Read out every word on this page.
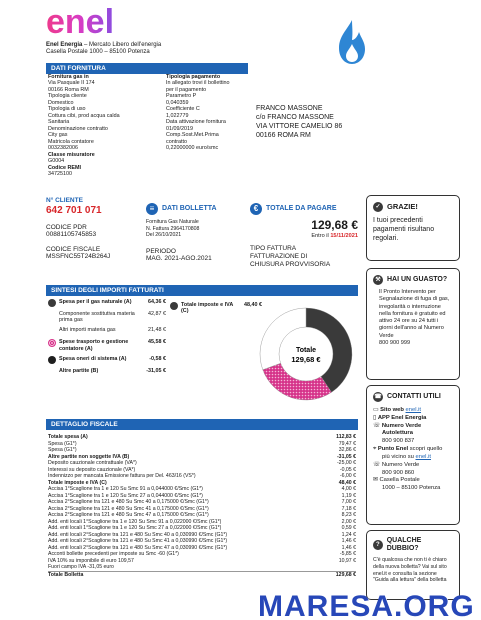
enel
Enel Energia – Mercato Libero dell'energia
Casella Postale 1000 – 85100 Potenza
DATI FORNITURA
Fornitura gas in
Via Pasquale II 174
00166 Roma RM
Tipologia cliente
Domestico
Tipologia di uso
Cottura cibi, prod acqua calda
Sanitaria
Denominazione contratto
City gas
Matricola contatore
0032382006
Classe misuratore
G0004
Codice REMI
34725100
Tipologia pagamento
In allegato trovi il bollettino
per il pagamento
Parametro P
0,040359
Coefficiente C
1,022779
Data attivazione fornitura
01/09/2019
Comp.Sost.Met.Prima
contratto
0,22000000 euro/smc
FRANCO MASSONE
c/o FRANCO MASSONE
VIA VITTORE CAMELIO 86
00166 ROMA RM
N° CLIENTE
642 701 071
CODICE PDR
00881105745853
CODICE FISCALE
MSSFNC55T24B264J
≡	DATI BOLLETTA
Fornitura Gas Naturale
N. Fattura 2964170808
Del 26/10/2021
PERIODO
MAG. 2021-AGO.2021
€	TOTALE DA PAGARE
129,68 €
Entro il 15/11/2021
TIPO FATTURA
FATTURAZIONE DI
CHIUSURA PROVVISORIA
SINTESI DEGLI IMPORTI FATTURATI
Spesa per il gas naturale (A)	64,36 €
Componente sostitutiva materia prima gas
42,87 €
Altri importi materia gas	21,48 €
Spese trasporto e gestione contatore (A)
45,58 €
Spesa oneri di sistema (A)	-0,58 €
Altre partite (B)	-31,05 €
Totale imposte e IVA (C)
48,40 €
Totale
129,68 €
DETTAGLIO FISCALE
Totale spesa (A)	112,83 €
Spesa (G1*)	79,47 €
Spesa (G1*)	32,86 €
Altre partite non soggette IVA (B)	-31,05 €
Deposito cauzionale contrattuale (VA*)	-25,00 €
Interessi su deposito cauzionale (VA*)	-0,05 €
Indennizzo per mancata Emissione fattura per Del. 463/16 (VS*)	-6,00 €
Totale imposte e IVA (C)	48,40 €
Accisa 1°Scaglione tra 1 e 120 Su Smc 91 a 0,044000 €/Smc (G1*)	4,00 €
Accisa 1°Scaglione tra 1 e 120 Su Smc 27 a 0,044000 €/Smc (G1*)	1,19 €
Accisa 2°Scaglione tra 121 e 480 Su Smc 40 a 0,175000 €/Smc (G1*)	7,00 €
Accisa 2°Scaglione tra 121 e 480 Su Smc 41 a 0,175000 €/Smc (G1*)	7,18 €
Accisa 2°Scaglione tra 121 e 480 Su Smc 47 a 0,175000 €/Smc (G1*)	8,23 €
Add. enti locali 1°Scaglione tra 1 e 120 Su Smc 91 a 0,022000 €/Smc (G1*)	2,00 €
Add. enti locali 1°Scaglione tra 1 e 120 Su Smc 27 a 0,022000 €/Smc (G1*)	0,59 €
Add. enti locali 2°Scaglione tra 121 e 480 Su Smc 40 a 0,030990 €/Smc (G1*)	1,24 €
Add. enti locali 2°Scaglione tra 121 e 480 Su Smc 41 a 0,030990 €/Smc (G1*)	1,46 €
Add. enti locali 2°Scaglione tra 121 e 480 Su Smc 47 a 0,030990 €/Smc (G1*)	1,46 €
Acconti bollette precedenti per imposte su Smc -60 (G1*)	-5,85 €
IVA 10% su imponibile di euro 109,57	10,97 €
Fuori campo IVA -31,05 euro
Totale Bolletta	129,68 €
✓ GRAZIE!
I tuoi precedenti pagamenti risultano regolari.
⚒ HAI UN GUASTO?
Il Pronto Intervento per Segnalazione di fuga di gas, irregolarità o interruzione nella fornitura è gratuito ed attivo 24 ore su 24 tutti i giorni dell'anno al Numero Verde
800 900 999
☎ CONTATTI UTILI
▭ Sito web enel.it
▯ APP Enel Energia
☏ Numero Verde
Autolettura
800 900 837
⌖ Punto Enel scopri quello
più vicino su enel.it
☏ Numero Verde
800 900 860
✉ Casella Postale
1000 – 85100 Potenza
?
QUALCHE DUBBIO?
C'è qualcosa che non ti è chiaro della nuova bolletta? Vai sul sito enel.it e consulta la sezione "Guida alla lettura" della bolletta
MARESA.ORG
